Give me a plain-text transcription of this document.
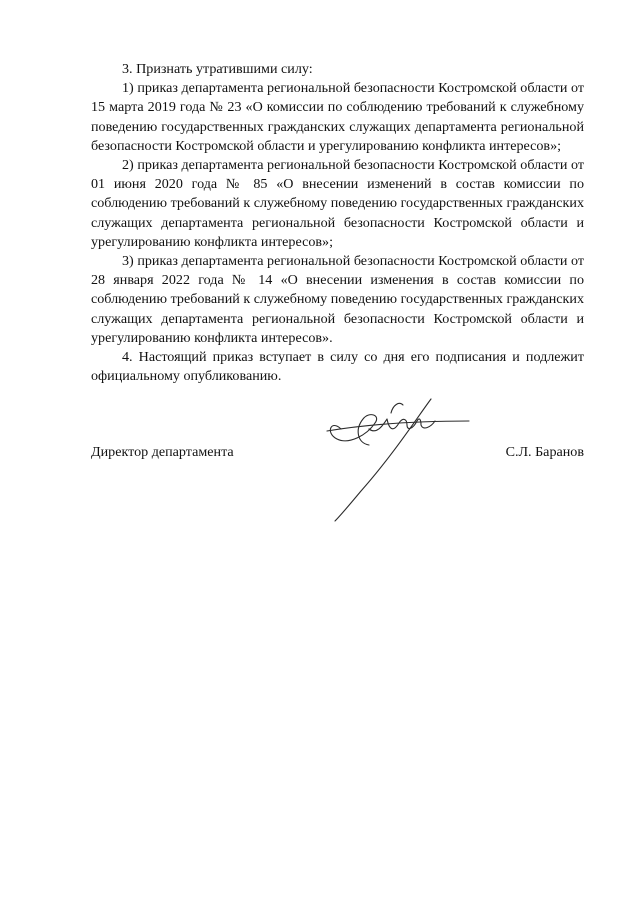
3. Признать утратившими силу:

1) приказ департамента региональной безопасности Костромской области от 15 марта 2019 года № 23 «О комиссии по соблюдению требований к служебному поведению государственных гражданских служащих департамента региональной безопасности Костромской области и урегулированию конфликта интересов»;

2) приказ департамента региональной безопасности Костромской области от 01 июня 2020 года № 85 «О внесении изменений в состав комиссии по соблюдению требований к служебному поведению государственных гражданских служащих департамента региональной безопасности Костромской области и урегулированию конфликта интересов»;

3) приказ департамента региональной безопасности Костромской области от 28 января 2022 года № 14 «О внесении изменения в состав комиссии по соблюдению требований к служебному поведению государственных гражданских служащих департамента региональной безопасности Костромской области и урегулированию конфликта интересов».

4. Настоящий приказ вступает в силу со дня его подписания и подлежит официальному опубликованию.

Директор департамента	С.Л. Баранов
